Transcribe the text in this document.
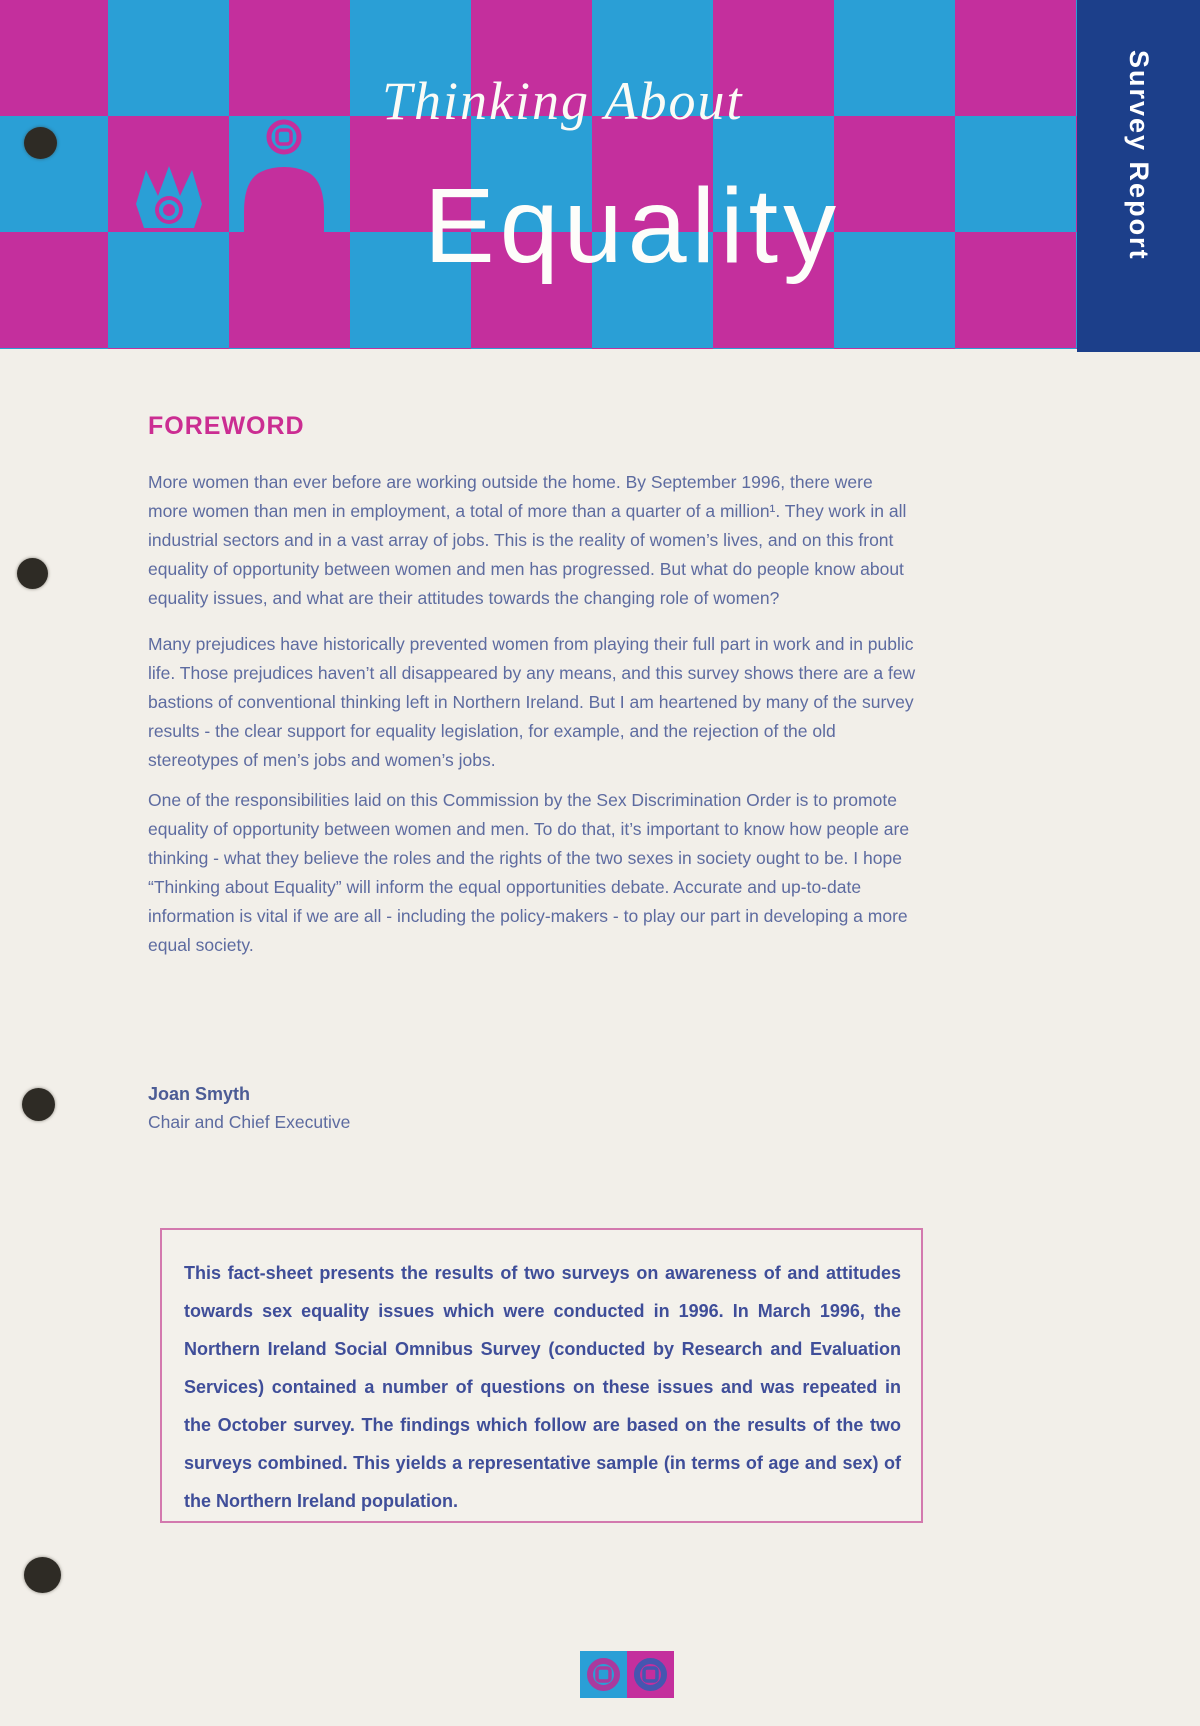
Thinking About
Equality	Survey Report
FOREWORD

More women than ever before are working outside the home. By September 1996, there were more women than men in employment, a total of more than a quarter of a million¹. They work in all industrial sectors and in a vast array of jobs. This is the reality of women’s lives, and on this front equality of opportunity between women and men has progressed. But what do people know about equality issues, and what are their attitudes towards the changing role of women?

Many prejudices have historically prevented women from playing their full part in work and in public life. Those prejudices haven’t all disappeared by any means, and this survey shows there are a few bastions of conventional thinking left in Northern Ireland. But I am heartened by many of the survey results - the clear support for equality legislation, for example, and the rejection of the old stereotypes of men’s jobs and women’s jobs.

One of the responsibilities laid on this Commission by the Sex Discrimination Order is to promote equality of opportunity between women and men. To do that, it’s important to know how people are thinking - what they believe the roles and the rights of the two sexes in society ought to be. I hope “Thinking about Equality” will inform the equal opportunities debate. Accurate and up-to-date information is vital if we are all - including the policy-makers - to play our part in developing a more equal society.

Joan Smyth
Chair and Chief Executive

This fact-sheet presents the results of two surveys on awareness of and attitudes towards sex equality issues which were conducted in 1996. In March 1996, the Northern Ireland Social Omnibus Survey (conducted by Research and Evaluation Services) contained a number of questions on these issues and was repeated in the October survey. The findings which follow are based on the results of the two surveys combined. This yields a representative sample (in terms of age and sex) of the Northern Ireland population.
